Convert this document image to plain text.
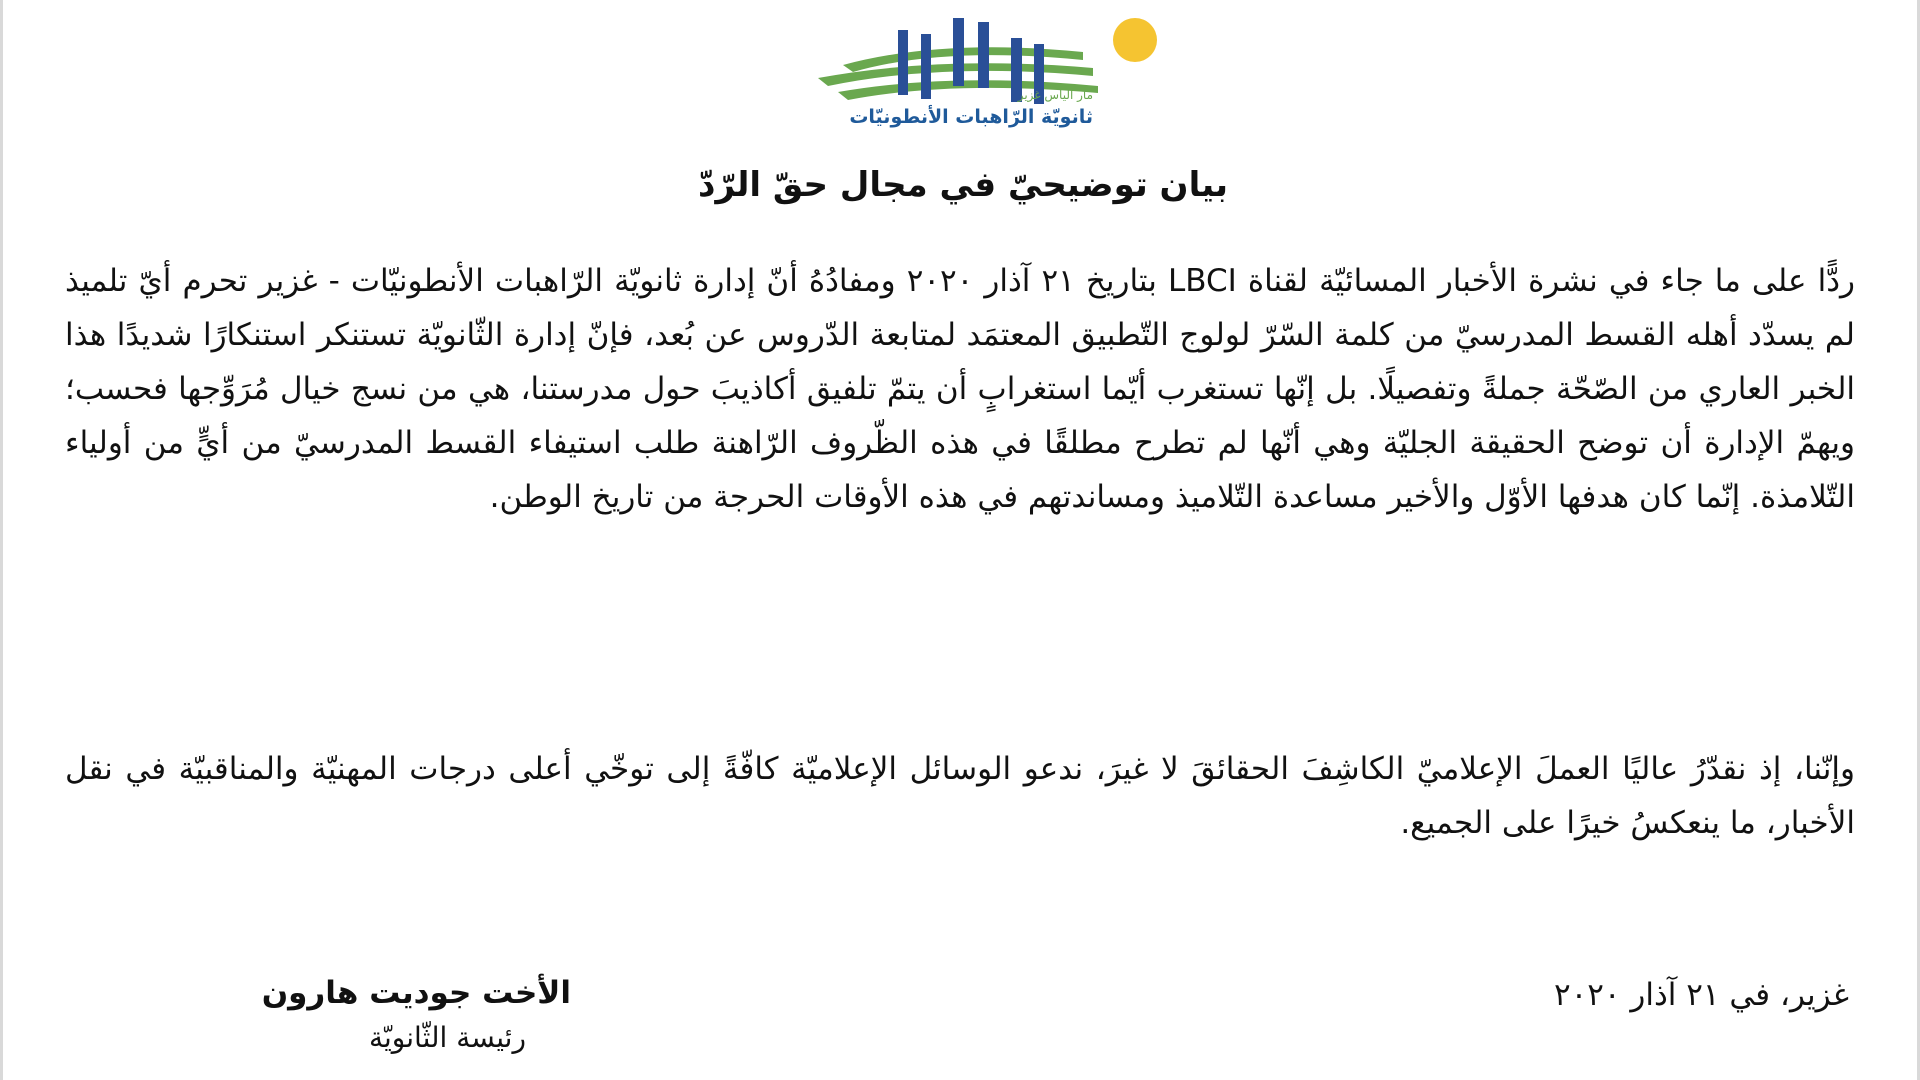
مار الياس غزير
ثانويّة الرّاهبات الأنطونيّات
بيان توضيحيّ في مجال حقّ الرّدّ
ردًّا على ما جاء في نشرة الأخبار المسائيّة لقناة LBCI بتاريخ ٢١ آذار ٢٠٢٠ ومفادُهُ أنّ إدارة ثانويّة الرّاهبات الأنطونيّات - غزير تحرم أيّ تلميذ لم يسدّد أهله القسط المدرسيّ من كلمة السّرّ لولوج التّطبيق المعتمَد لمتابعة الدّروس عن بُعد، فإنّ إدارة الثّانويّة تستنكر استنكارًا شديدًا هذا الخبر العاري من الصّحّة جملةً وتفصيلًا. بل إنّها تستغرب أيّما استغرابٍ أن يتمّ تلفيق أكاذيبَ حول مدرستنا، هي من نسج خيال مُرَوِّجها فحسب؛ ويهمّ الإدارة أن توضح الحقيقة الجليّة وهي أنّها لم تطرح مطلقًا في هذه الظّروف الرّاهنة طلب استيفاء القسط المدرسيّ من أيٍّ من أولياء التّلامذة. إنّما كان هدفها الأوّل والأخير مساعدة التّلاميذ ومساندتهم في هذه الأوقات الحرجة من تاريخ الوطن.
وإنّنا، إذ نقدّرُ عاليًا العملَ الإعلاميّ الكاشِفَ الحقائقَ لا غيرَ، ندعو الوسائل الإعلاميّة كافّةً إلى توخّي أعلى درجات المهنيّة والمناقبيّة في نقل الأخبار، ما ينعكسُ خيرًا على الجميع.
غزير، في ٢١ آذار ٢٠٢٠
الأخت جوديت هارون
رئيسة الثّانويّة
